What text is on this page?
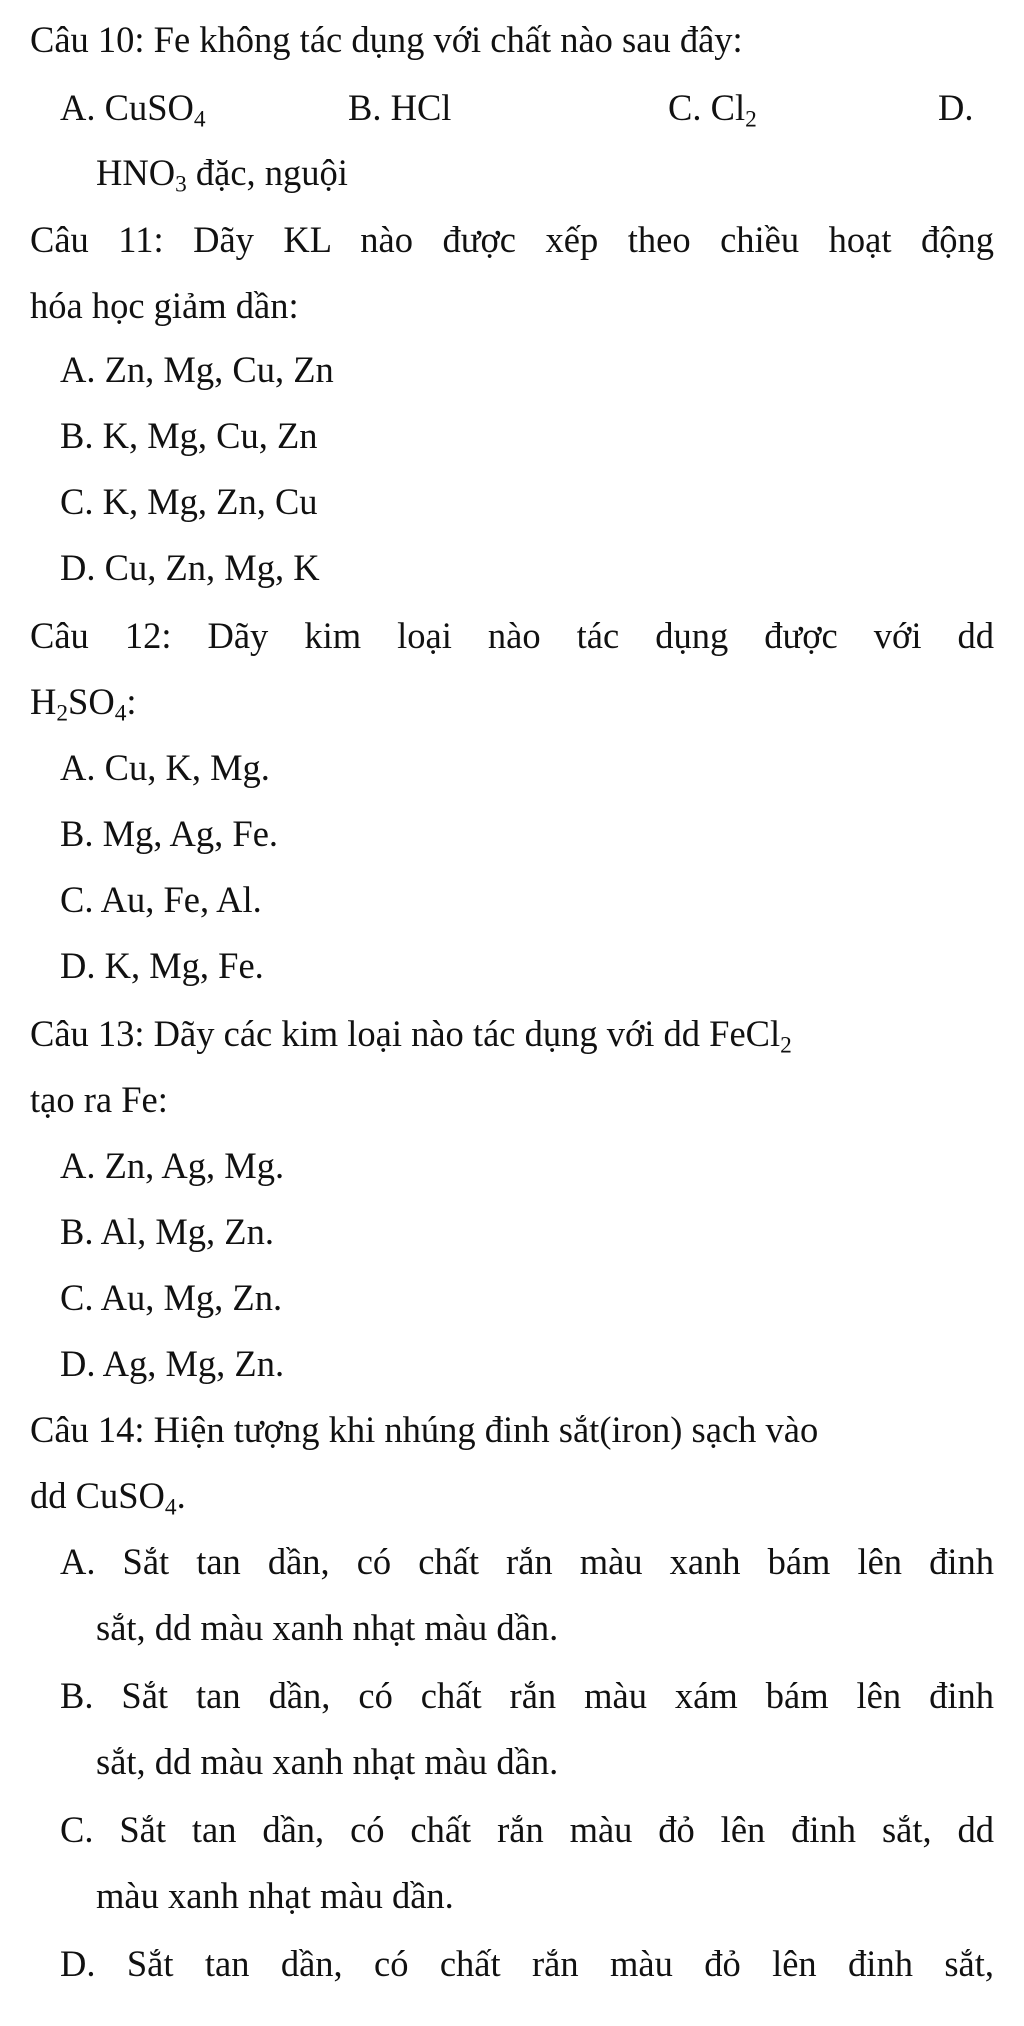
Câu 10: Fe không tác dụng với chất nào sau đây:
A. CuSO$_4$	B. HCl	C. $Cl_2$	D.
$HNO_3$ đặc, nguội
Câu 11: Dãy KL nào được xếp theo chiều hoạt động
hóa học giảm dần:
A. Zn, Mg, Cu, Zn
B. K, Mg, Cu, Zn
C. K, Mg, Zn, Cu
D. Cu, Zn, Mg, K
Câu 12: Dãy kim loại nào tác dụng được với dd
$H_2SO_4$:
A. Cu, K, Mg.
B. Mg, Ag, Fe.
C. Au, Fe, Al.
D. K, Mg, Fe.
Câu 13: Dãy các kim loại nào tác dụng với dd FeCl$_2$
tạo ra Fe:
A. Zn, Ag, Mg.
B. Al, Mg, Zn.
C. Au, Mg, Zn.
D. Ag, Mg, Zn.
Câu 14: Hiện tượng khi nhúng đinh sắt(iron) sạch vào
dd CuSO$_4$.
A. Sắt tan dần, có chất rắn màu xanh bám lên đinh
sắt, dd màu xanh nhạt màu dần.
B. Sắt tan dần, có chất rắn màu xám bám lên đinh
sắt, dd màu xanh nhạt màu dần.
C. Sắt tan dần, có chất rắn màu đỏ lên đinh sắt, dd
màu xanh nhạt màu dần.
D. Sắt tan dần, có chất rắn màu đỏ lên đinh sắt,
